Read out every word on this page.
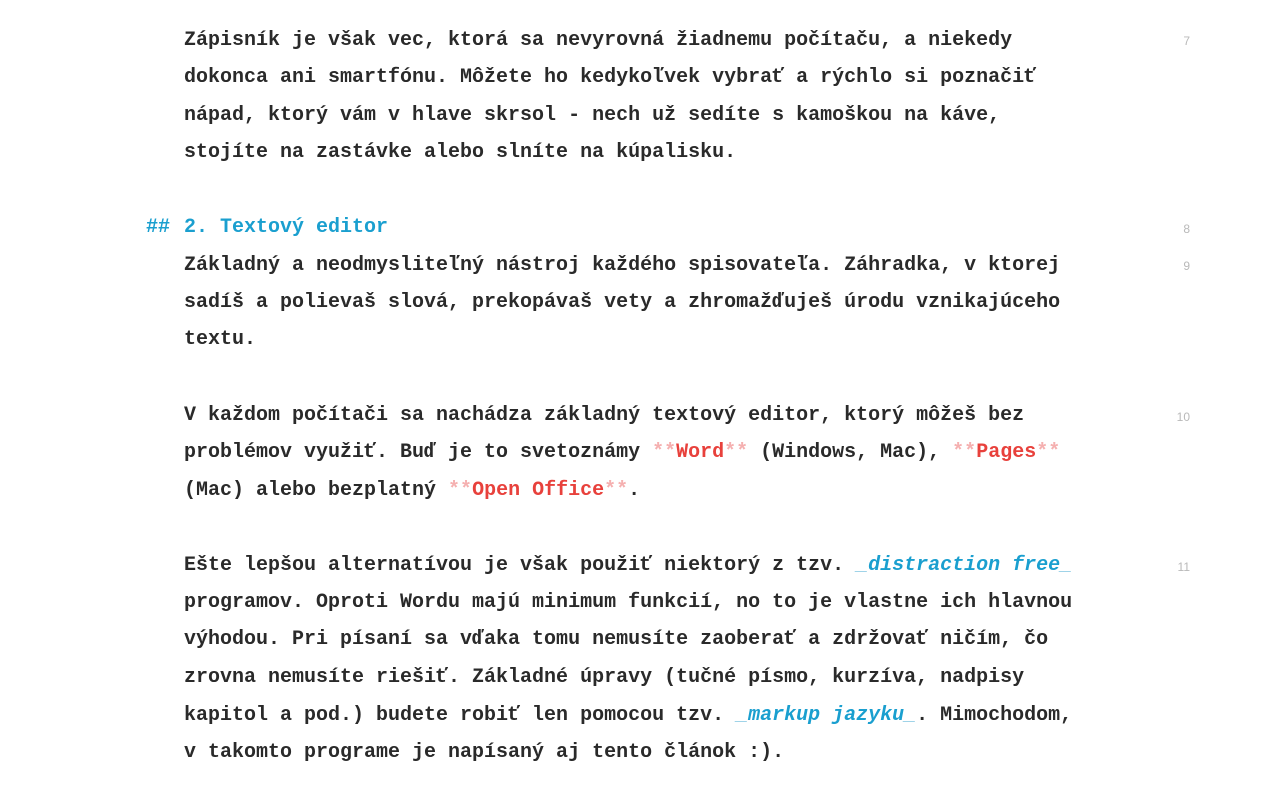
7
Zápisník je však vec, ktorá sa nevyrovná žiadnemu počítaču, a niekedy
dokonca ani smartfónu. Môžete ho kedykoľvek vybrať a rýchlo si poznačiť
nápad, ktorý vám v hlave skrsol - nech už sedíte s kamoškou na káve,
stojíte na zastávke alebo slníte na kúpalisku.
8
## 2. Textový editor
9
Základný a neodmysliteľný nástroj každého spisovateľa. Záhradka, v ktorej
sadíš a polievaš slová, prekopávaš vety a zhromažďuješ úrodu vznikajúceho
textu.
10
V každom počítači sa nachádza základný textový editor, ktorý môžeš bez
problémov využiť. Buď je to svetoznámy **Word** (Windows, Mac), **Pages**
(Mac) alebo bezplatný **Open Office**.
11
Ešte lepšou alternatívou je však použiť niektorý z tzv. _distraction free_
programov. Oproti Wordu majú minimum funkcií, no to je vlastne ich hlavnou
výhodou. Pri písaní sa vďaka tomu nemusíte zaoberať a zdržovať ničím, čo
zrovna nemusíte riešiť. Základné úpravy (tučné písmo, kurzíva, nadpisy
kapitol a pod.) budete robiť len pomocou tzv. _markup jazyku_. Mimochodom,
v takomto programe je napísaný aj tento článok :).
